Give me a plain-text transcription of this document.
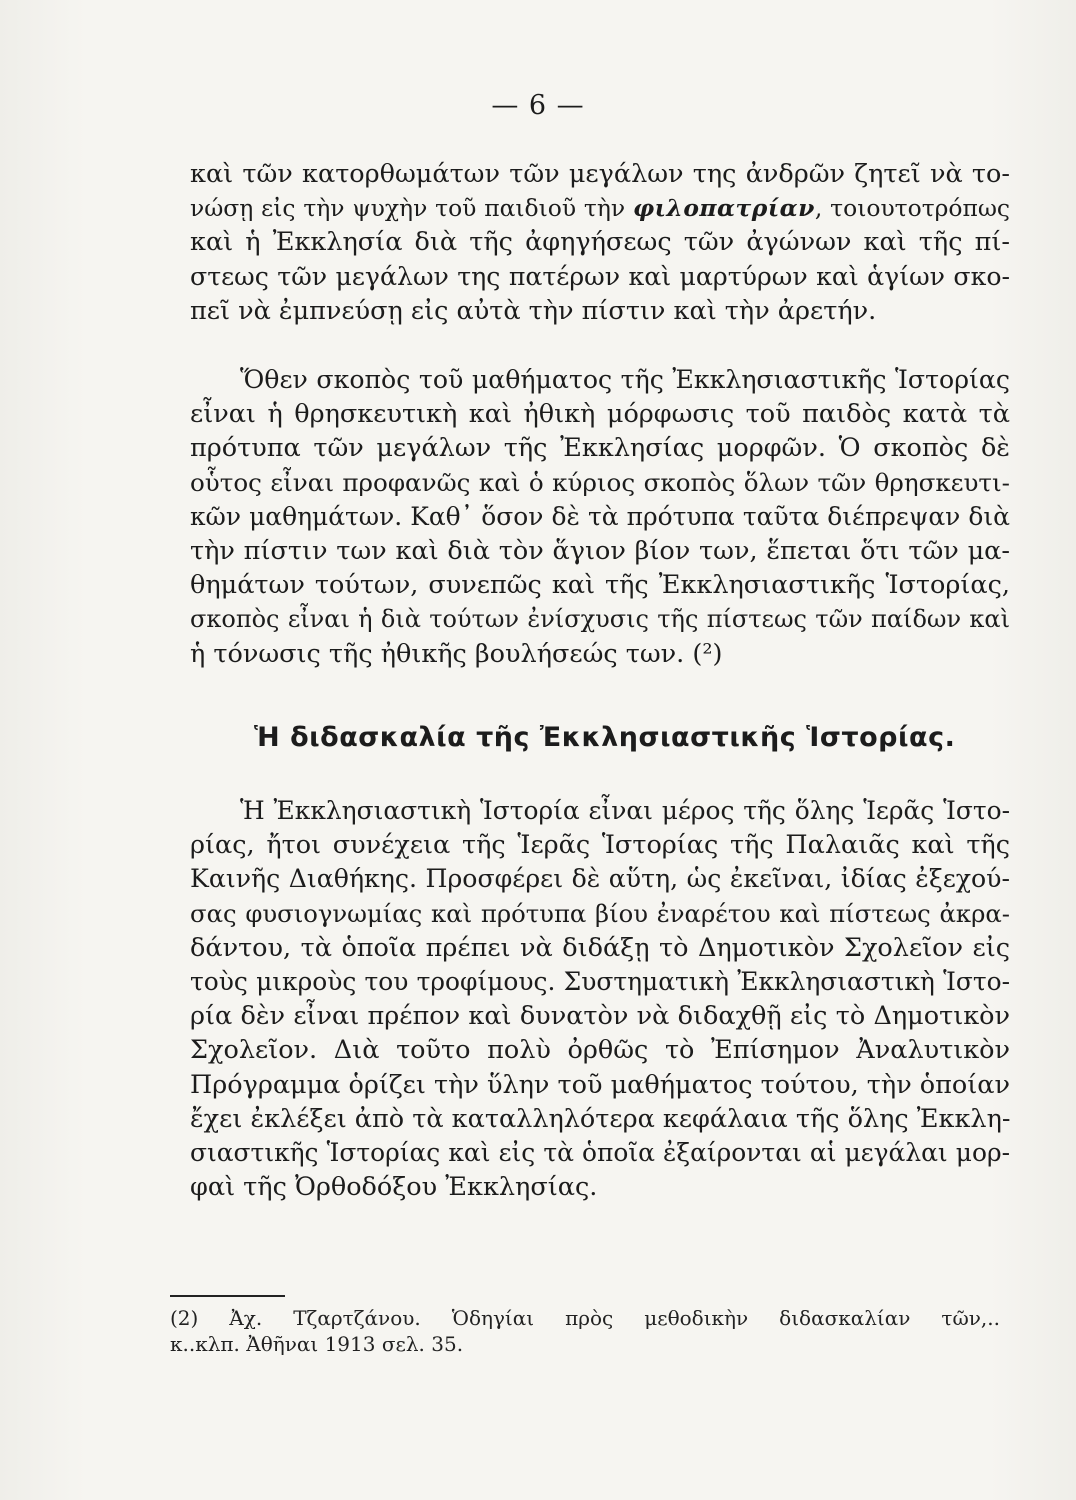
— 6 —
καὶ τῶν κατορθωμάτων τῶν μεγάλων της ἀνδρῶν ζητεῖ νὰ το-
νώσῃ εἰς τὴν ψυχὴν τοῦ παιδιοῦ τὴν φιλοπατρίαν, τοιουτοτρόπως
καὶ ἡ Ἐκκλησία διὰ τῆς ἀφηγήσεως τῶν ἀγώνων καὶ τῆς πί-
στεως τῶν μεγάλων της πατέρων καὶ μαρτύρων καὶ ἁγίων σκο-
πεῖ νὰ ἐμπνεύσῃ εἰς αὐτὰ τὴν πίστιν καὶ τὴν ἀρετήν.
Ὅθεν σκοπὸς τοῦ μαθήματος τῆς Ἐκκλησιαστικῆς Ἱστορίας
εἶναι ἡ θρησκευτικὴ καὶ ἠθικὴ μόρφωσις τοῦ παιδὸς κατὰ τὰ
πρότυπα τῶν μεγάλων τῆς Ἐκκλησίας μορφῶν. Ὁ σκοπὸς δὲ
οὗτος εἶναι προφανῶς καὶ ὁ κύριος σκοπὸς ὅλων τῶν θρησκευτι-
κῶν μαθημάτων. Καθ᾿ ὅσον δὲ τὰ πρότυπα ταῦτα διέπρεψαν διὰ
τὴν πίστιν των καὶ διὰ τὸν ἅγιον βίον των, ἕπεται ὅτι τῶν μα-
θημάτων τούτων, συνεπῶς καὶ τῆς Ἐκκλησιαστικῆς Ἱστορίας,
σκοπὸς εἶναι ἡ διὰ τούτων ἐνίσχυσις τῆς πίστεως τῶν παίδων καὶ
ἡ τόνωσις τῆς ἠθικῆς βουλήσεώς των. (²)
Ἡ διδασκαλία τῆς Ἐκκλησιαστικῆς Ἱστορίας.
Ἡ Ἐκκλησιαστικὴ Ἱστορία εἶναι μέρος τῆς ὅλης Ἱερᾶς Ἱστο-
ρίας, ἤτοι συνέχεια τῆς Ἱερᾶς Ἱστορίας τῆς Παλαιᾶς καὶ τῆς
Καινῆς Διαθήκης. Προσφέρει δὲ αὕτη, ὡς ἐκεῖναι, ἰδίας ἐξεχού-
σας φυσιογνωμίας καὶ πρότυπα βίου ἐναρέτου καὶ πίστεως ἀκρα-
δάντου, τὰ ὁποῖα πρέπει νὰ διδάξῃ τὸ Δημοτικὸν Σχολεῖον εἰς
τοὺς μικροὺς του τροφίμους. Συστηματικὴ Ἐκκλησιαστικὴ Ἱστο-
ρία δὲν εἶναι πρέπον καὶ δυνατὸν νὰ διδαχθῇ εἰς τὸ Δημοτικὸν
Σχολεῖον. Διὰ τοῦτο πολὺ ὀρθῶς τὸ Ἐπίσημον Ἀναλυτικὸν
Πρόγραμμα ὁρίζει τὴν ὕλην τοῦ μαθήματος τούτου, τὴν ὁποίαν
ἔχει ἐκλέξει ἀπὸ τὰ καταλληλότερα κεφάλαια τῆς ὅλης Ἐκκλη-
σιαστικῆς Ἱστορίας καὶ εἰς τὰ ὁποῖα ἐξαίρονται αἱ μεγάλαι μορ-
φαὶ τῆς Ὀρθοδόξου Ἐκκλησίας.
(2) Ἀχ. Τζαρτζάνου. Ὁδηγίαι πρὸς μεθοδικὴν διδασκαλίαν τῶν,..
κ..κλπ. Ἀθῆναι 1913 σελ. 35.
